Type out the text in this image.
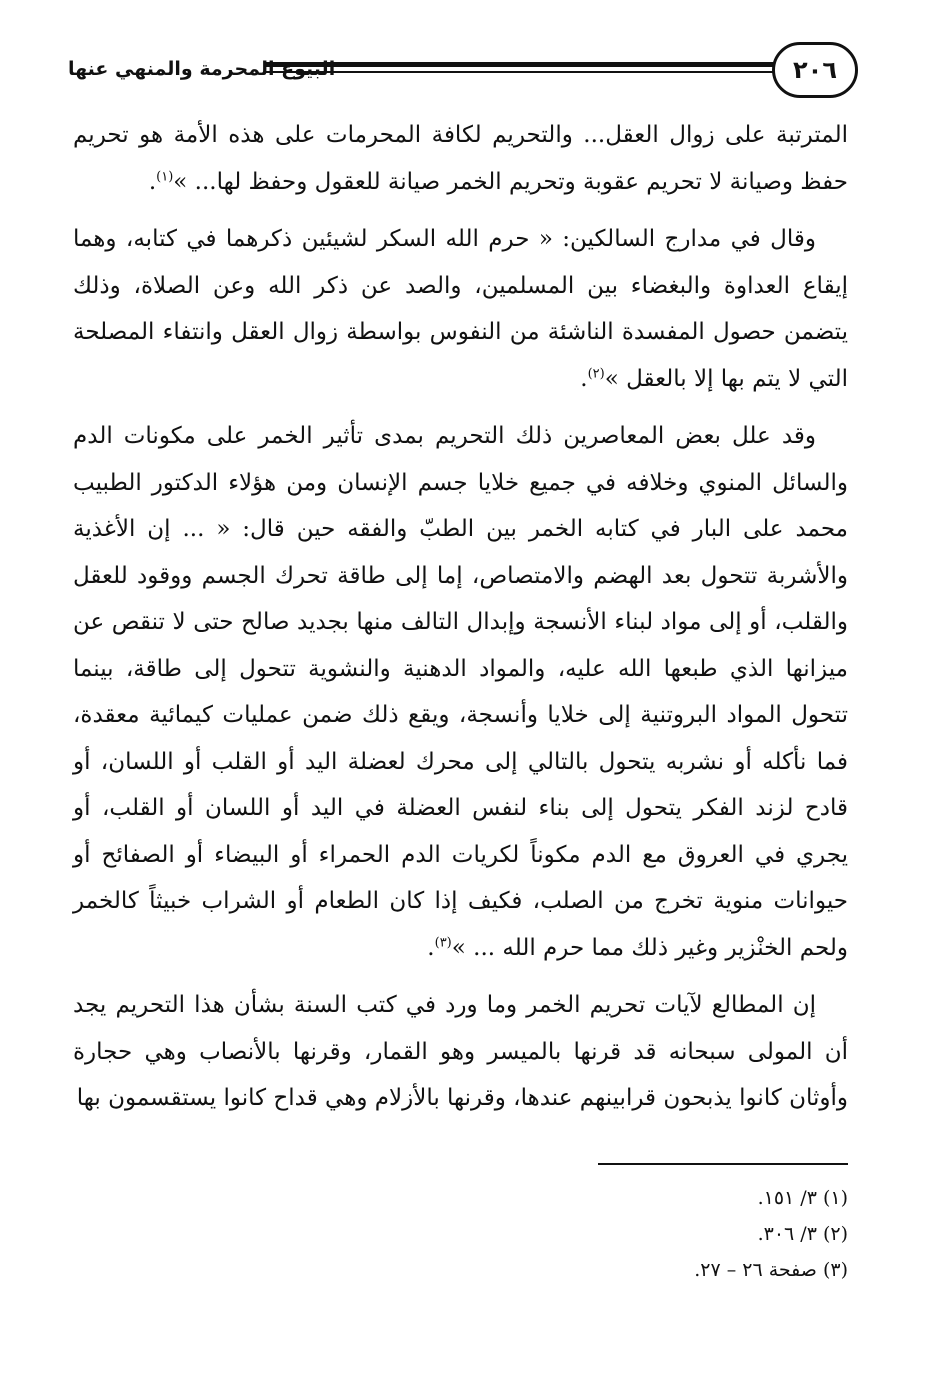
٢٠٦
البيوع المحرمة والمنهي عنها

المترتبة على زوال العقل... والتحريم لكافة المحرمات على هذه الأمة هو تحريم حفظ وصيانة لا تحريم عقوبة وتحريم الخمر صيانة للعقول وحفظ لها... »$^{(١)}$.

وقال في مدارج السالكين: « حرم الله السكر لشيئين ذكرهما في كتابه، وهما إيقاع العداوة والبغضاء بين المسلمين، والصد عن ذكر الله وعن الصلاة، وذلك يتضمن حصول المفسدة الناشئة من النفوس بواسطة زوال العقل وانتفاء المصلحة التي لا يتم بها إلا بالعقل »$^{(٢)}$.

وقد علل بعض المعاصرين ذلك التحريم بمدى تأثير الخمر على مكونات الدم والسائل المنوي وخلافه في جميع خلايا جسم الإنسان ومن هؤلاء الدكتور الطبيب محمد على البار في كتابه الخمر بين الطبّ والفقه حين قال: « ... إن الأغذية والأشربة تتحول بعد الهضم والامتصاص، إما إلى طاقة تحرك الجسم ووقود للعقل والقلب، أو إلى مواد لبناء الأنسجة وإبدال التالف منها بجديد صالح حتى لا تنقص عن ميزانها الذي طبعها الله عليه، والمواد الدهنية والنشوية تتحول إلى طاقة، بينما تتحول المواد البروتنية إلى خلايا وأنسجة، ويقع ذلك ضمن عمليات كيمائية معقدة، فما نأكله أو نشربه يتحول بالتالي إلى محرك لعضلة اليد أو القلب أو اللسان، أو قادح لزند الفكر يتحول إلى بناء لنفس العضلة في اليد أو اللسان أو القلب، أو يجري في العروق مع الدم مكوناً لكريات الدم الحمراء أو البيضاء أو الصفائح أو حيوانات منوية تخرج من الصلب، فكيف إذا كان الطعام أو الشراب خبيثاً كالخمر ولحم الخنْزير وغير ذلك مما حرم الله ... »$^{(٣)}$.

إن المطالع لآيات تحريم الخمر وما ورد في كتب السنة بشأن هذا التحريم يجد أن المولى سبحانه قد قرنها بالميسر وهو القمار، وقرنها بالأنصاب وهي حجارة وأوثان كانوا يذبحون قرابينهم عندها، وقرنها بالأزلام وهي قداح كانوا يستقسمون بها

(١) ٣/ ١٥١.

(٢) ٣/ ٣٠٦.

(٣) صفحة ٢٦ – ٢٧.
